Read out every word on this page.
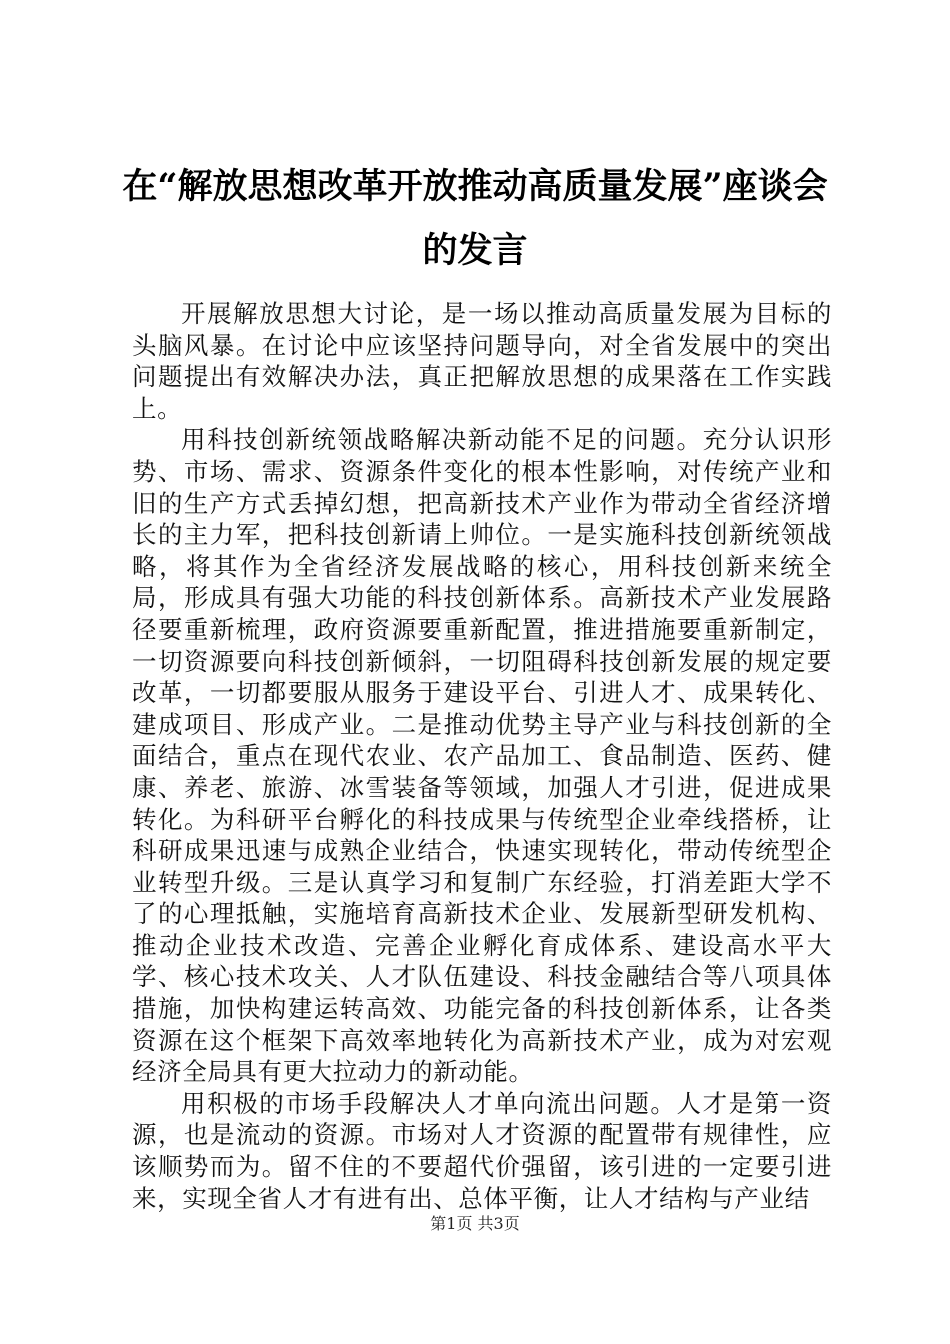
在“解放思想改革开放推动高质量发展”座谈会的发言

开展解放思想大讨论，是一场以推动高质量发展为目标的头脑风暴。在讨论中应该坚持问题导向，对全省发展中的突出问题提出有效解决办法，真正把解放思想的成果落在工作实践上。

用科技创新统领战略解决新动能不足的问题。充分认识形势、市场、需求、资源条件变化的根本性影响，对传统产业和旧的生产方式丢掉幻想，把高新技术产业作为带动全省经济增长的主力军，把科技创新请上帅位。一是实施科技创新统领战略，将其作为全省经济发展战略的核心，用科技创新来统全局，形成具有强大功能的科技创新体系。高新技术产业发展路径要重新梳理，政府资源要重新配置，推进措施要重新制定，一切资源要向科技创新倾斜，一切阻碍科技创新发展的规定要改革，一切都要服从服务于建设平台、引进人才、成果转化、建成项目、形成产业。二是推动优势主导产业与科技创新的全面结合，重点在现代农业、农产品加工、食品制造、医药、健康、养老、旅游、冰雪装备等领域，加强人才引进，促进成果转化。为科研平台孵化的科技成果与传统型企业牵线搭桥，让科研成果迅速与成熟企业结合，快速实现转化，带动传统型企业转型升级。三是认真学习和复制广东经验，打消差距大学不了的心理抵触，实施培育高新技术企业、发展新型研发机构、推动企业技术改造、完善企业孵化育成体系、建设高水平大学、核心技术攻关、人才队伍建设、科技金融结合等八项具体措施，加快构建运转高效、功能完备的科技创新体系，让各类资源在这个框架下高效率地转化为高新技术产业，成为对宏观经济全局具有更大拉动力的新动能。

用积极的市场手段解决人才单向流出问题。人才是第一资源，也是流动的资源。市场对人才资源的配置带有规律性，应该顺势而为。留不住的不要超代价强留，该引进的一定要引进来，实现全省人才有进有出、总体平衡，让人才结构与产业结

第1页 共3页
